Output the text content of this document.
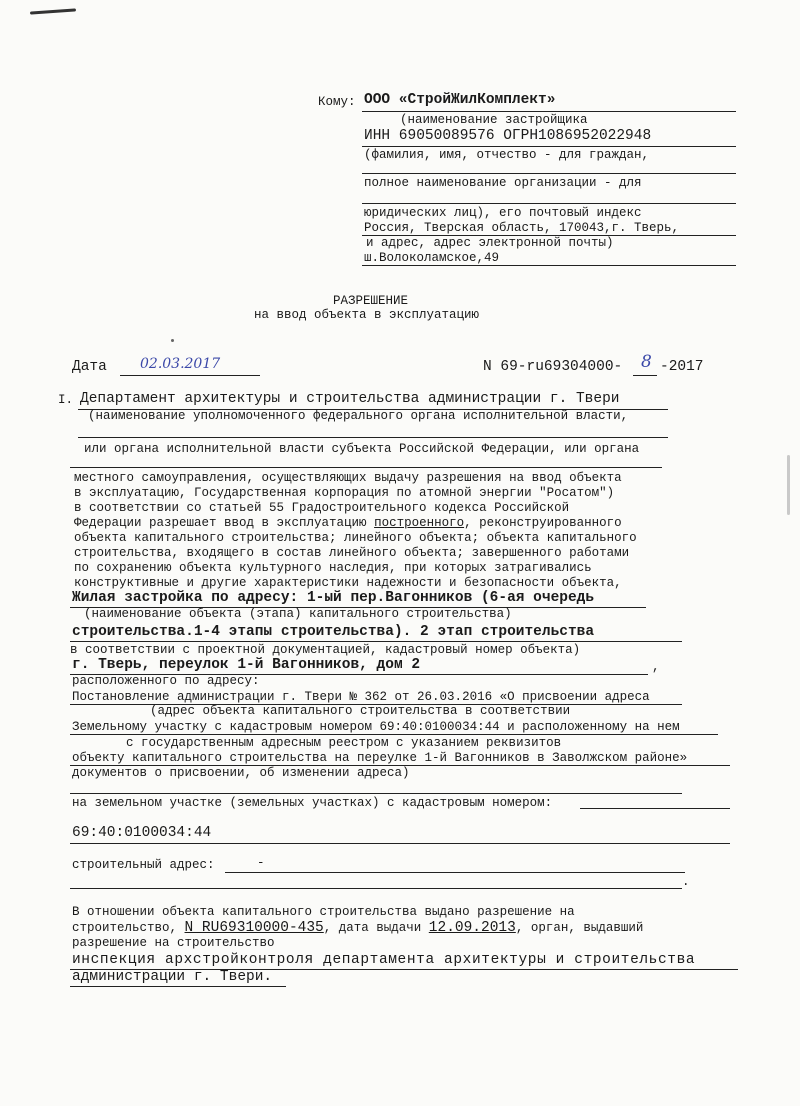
Кому: ООО «СтройЖилКомплект»
(наименование застройщика
ИНН 69050089576 ОГРН1086952022948
(фамилия, имя, отчество - для граждан,
полное наименование организации - для
юридических лиц), его почтовый индекс
Россия, Тверская область, 170043,г. Тверь,
и адрес, адрес электронной почты)
ш.Волоколамское,49
РАЗРЕШЕНИЕ
на ввод объекта в эксплуатацию
Дата 02.03.2017	N 69-ru69304000- 8 -2017
I. Департамент архитектуры и строительства администрации г. Твери
(наименование уполномоченного федерального органа исполнительной власти,
или органа исполнительной власти субъекта Российской Федерации, или органа
местного самоуправления, осуществляющих выдачу разрешения на ввод объекта
в эксплуатацию, Государственная корпорация по атомной энергии "Росатом")
в соответствии со статьей 55 Градостроительного кодекса Российской
Федерации разрешает ввод в эксплуатацию построенного, реконструированного
объекта капитального строительства; линейного объекта; объекта капитального
строительства, входящего в состав линейного объекта; завершенного работами
по сохранению объекта культурного наследия, при которых затрагивались
конструктивные и другие характеристики надежности и безопасности объекта,
Жилая застройка по адресу: 1-ый пер.Вагонников (6-ая очередь
(наименование объекта (этапа) капитального строительства)
строительства.1-4 этапы строительства). 2 этап строительства
в соответствии с проектной документацией, кадастровый номер объекта)
г. Тверь, переулок 1-й Вагонников, дом 2	,
расположенного по адресу:
Постановление администрации г. Твери № 362 от 26.03.2016 «О присвоении адреса
(адрес объекта капитального строительства в соответствии
Земельному участку с кадастровым номером 69:40:0100034:44 и расположенному на нем
с государственным адресным реестром с указанием реквизитов
объекту капитального строительства на переулке 1-й Вагонников в Заволжском районе»
документов о присвоении, об изменении адреса)
на земельном участке (земельных участках) с кадастровым номером:
69:40:0100034:44
строительный адрес:	-
.
В отношении объекта капитального строительства выдано разрешение на
строительство, N RU69310000-435, дата выдачи 12.09.2013, орган, выдавший
разрешение на строительство
инспекция архстройконтроля департамента архитектуры и строительства
администрации г. Твери.
